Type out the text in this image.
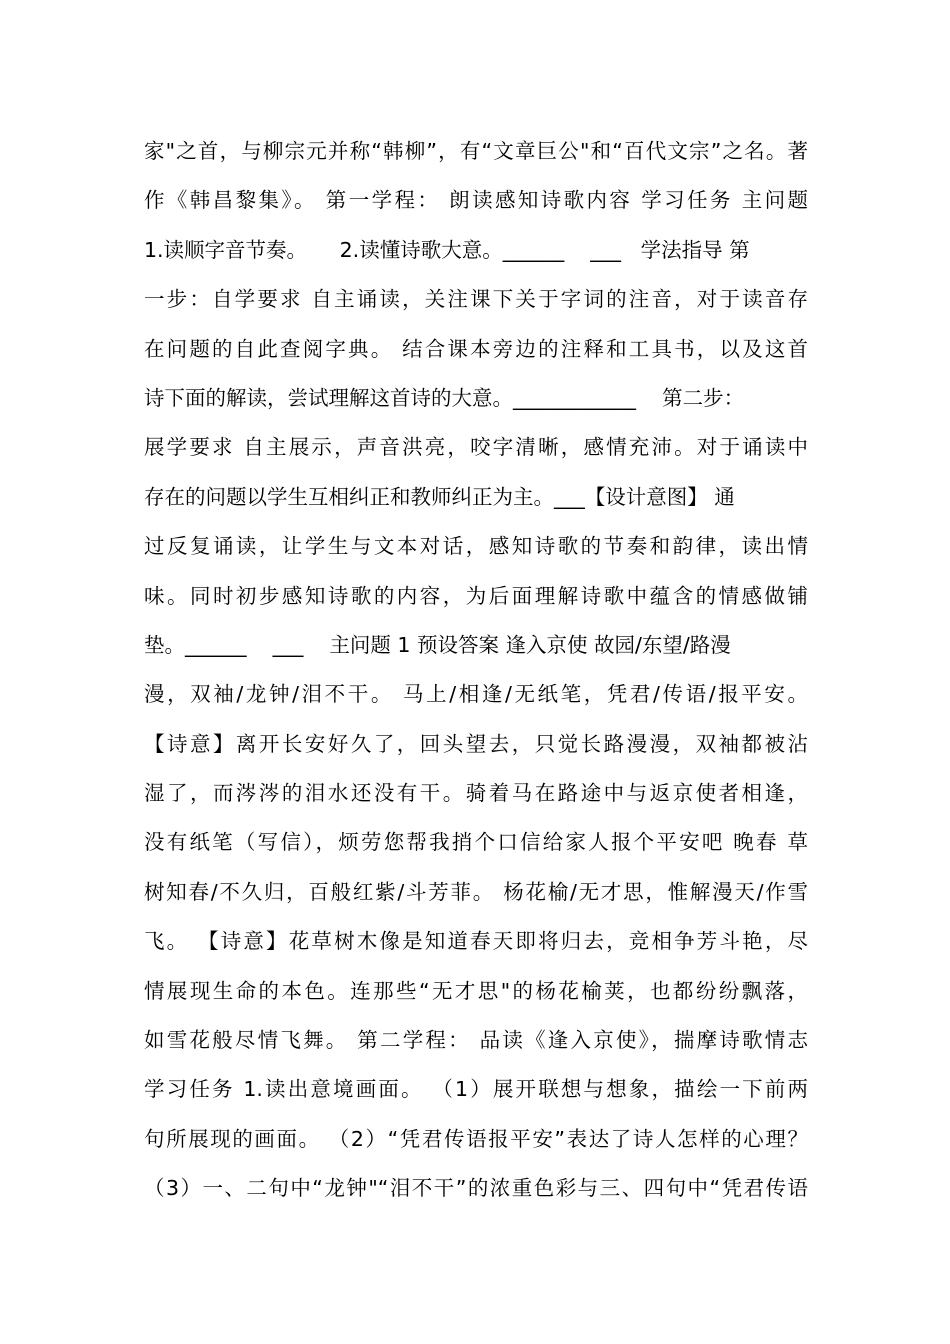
家"之首，与柳宗元并称“韩柳”，有“文章巨公"和“百代文宗”之名。著
作《韩昌黎集》。 第一学程： 朗读感知诗歌内容 学习任务 主问题
1.读顺字音节奏。     2.读懂诗歌大意。______    ___   学法指导 第
一步：自学要求 自主诵读，关注课下关于字词的注音，对于读音存
在问题的自此查阅字典。 结合课本旁边的注释和工具书，以及这首
诗下面的解读，尝试理解这首诗的大意。____________    第二步：
展学要求 自主展示，声音洪亮，咬字清晰，感情充沛。对于诵读中
存在的问题以学生互相纠正和教师纠正为主。___【设计意图】 通
过反复诵读，让学生与文本对话，感知诗歌的节奏和韵律，读出情
味。同时初步感知诗歌的内容，为后面理解诗歌中蕴含的情感做铺
垫。______    ___    主问题 1 预设答案 逢入京使 故园/东望/路漫
漫，双袖/龙钟/泪不干。 马上/相逢/无纸笔，凭君/传语/报平安。
【诗意】离开长安好久了，回头望去，只觉长路漫漫，双袖都被沾
湿了，而涔涔的泪水还没有干。骑着马在路途中与返京使者相逢，
没有纸笔（写信），烦劳您帮我捎个口信给家人报个平安吧 晚春 草
树知春/不久归，百般红紫/斗芳菲。 杨花榆/无才思，惟解漫天/作雪
飞。 【诗意】花草树木像是知道春天即将归去，竞相争芳斗艳，尽
情展现生命的本色。连那些“无才思"的杨花榆荚，也都纷纷飘落，
如雪花般尽情飞舞。 第二学程： 品读《逢入京使》，揣摩诗歌情志
学习任务 1.读出意境画面。 （1）展开联想与想象，描绘一下前两
句所展现的画面。 （2）“凭君传语报平安”表达了诗人怎样的心理？
（3）一、二句中“龙钟"“泪不干”的浓重色彩与三、四句中“凭君传语
